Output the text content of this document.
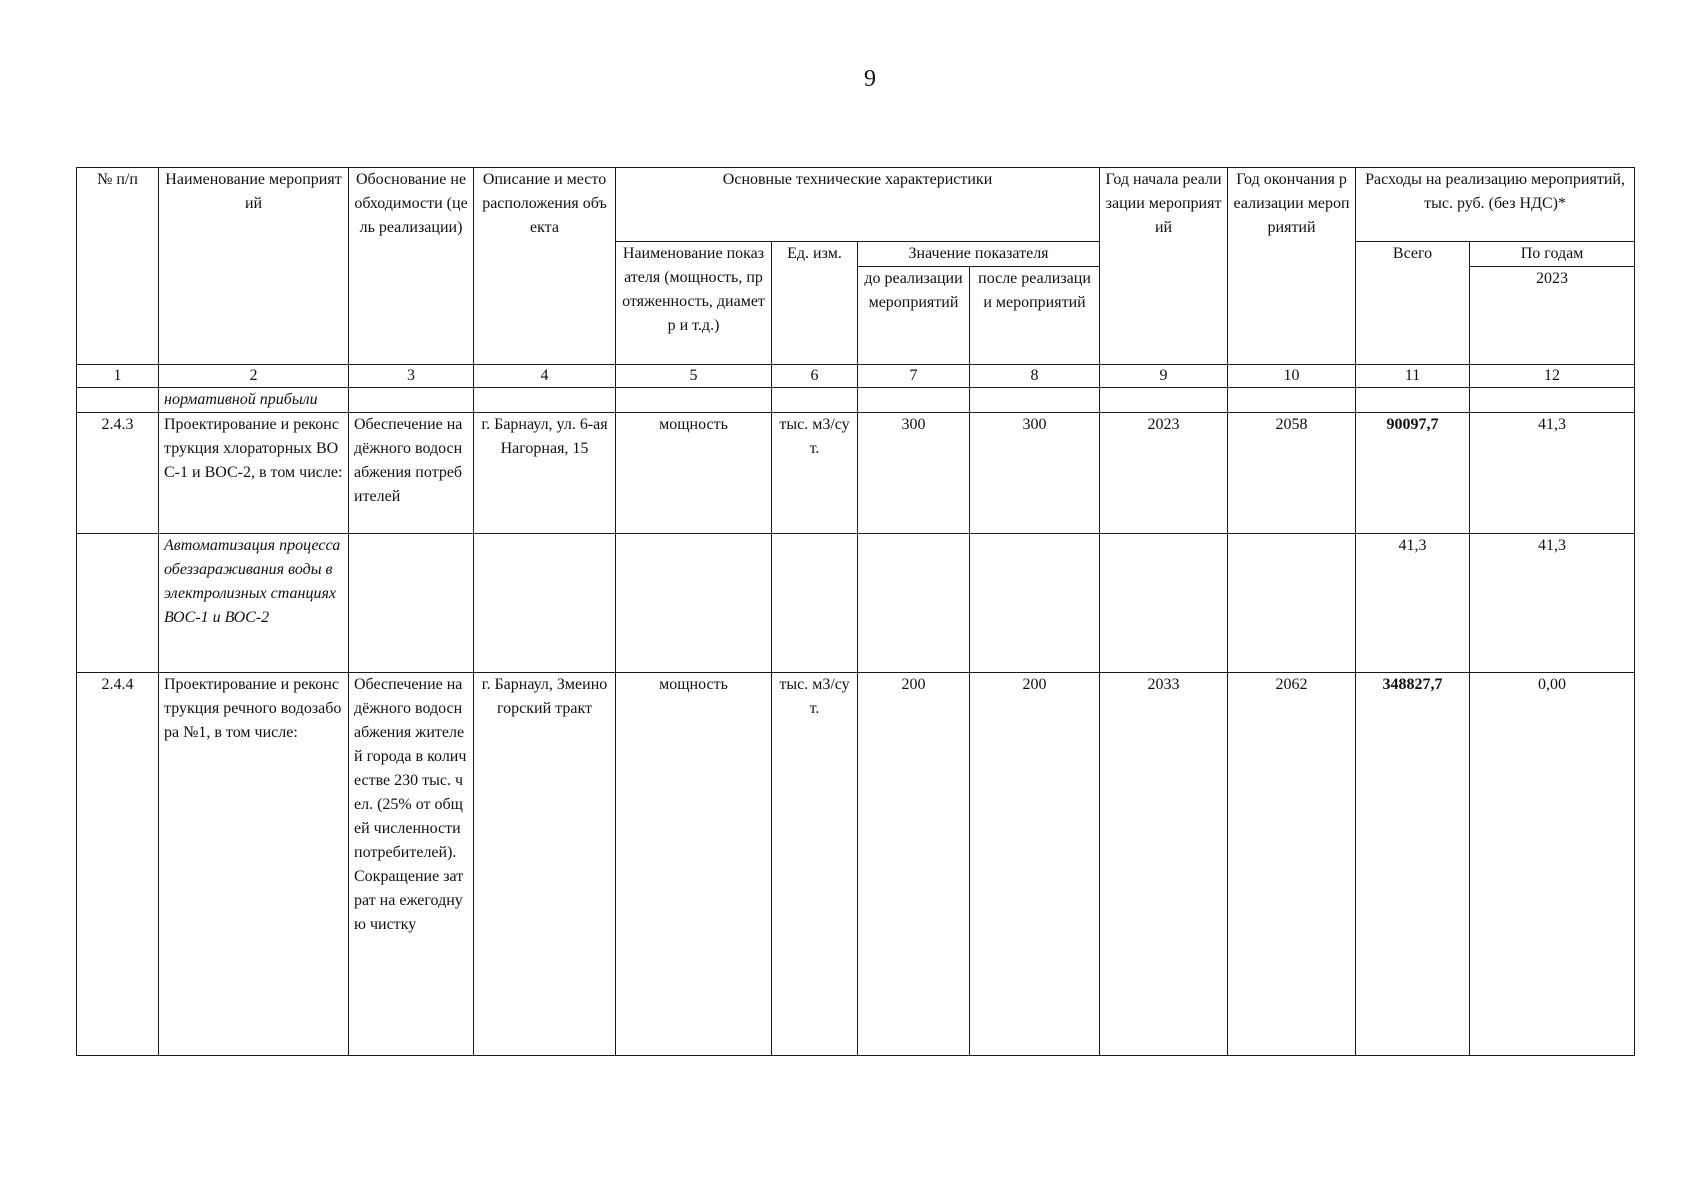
9
№ п/п	Наименование мероприятий	Обоснование необходимости (цель реализации)	Описание и место расположения объекта	Основные технические характеристики				Год начала реализации мероприятий	Год окончания реализации мероприятий	Расходы на реализацию мероприятий, тыс. руб. (без НДС)*	
				Наименование показателя (мощность, протяженность, диаметр и т.д.)	Ед. изм.	Значение показателя				Всего	По годам
						до реализации мероприятий	после реализации мероприятий				2023

1	2	3	4	5	6	7	8	9	10	11	12
	нормативной прибыли										
2.4.3	Проектирование и реконструкция хлораторных ВОС-1 и ВОС-2, в том числе:	Обеспечение надёжного водоснабжения потребителей	г. Барнаул, ул. 6-ая Нагорная, 15	мощность	тыс. м3/сут.	300	300	2023	2058	90097,7	41,3
	Автоматизация процесса обеззараживания воды в электролизных станциях ВОС-1 и ВОС-2									41,3	41,3
2.4.4	Проектирование и реконструкция речного водозабора №1, в том числе:	Обеспечение надёжного водоснабжения жителей города в количестве 230 тыс. чел. (25% от общей численности потребителей). Сокращение затрат на ежегодную чистку	г. Барнаул, Змеиногорский тракт	мощность	тыс. м3/сут.	200	200	2033	2062	348827,7	0,00
